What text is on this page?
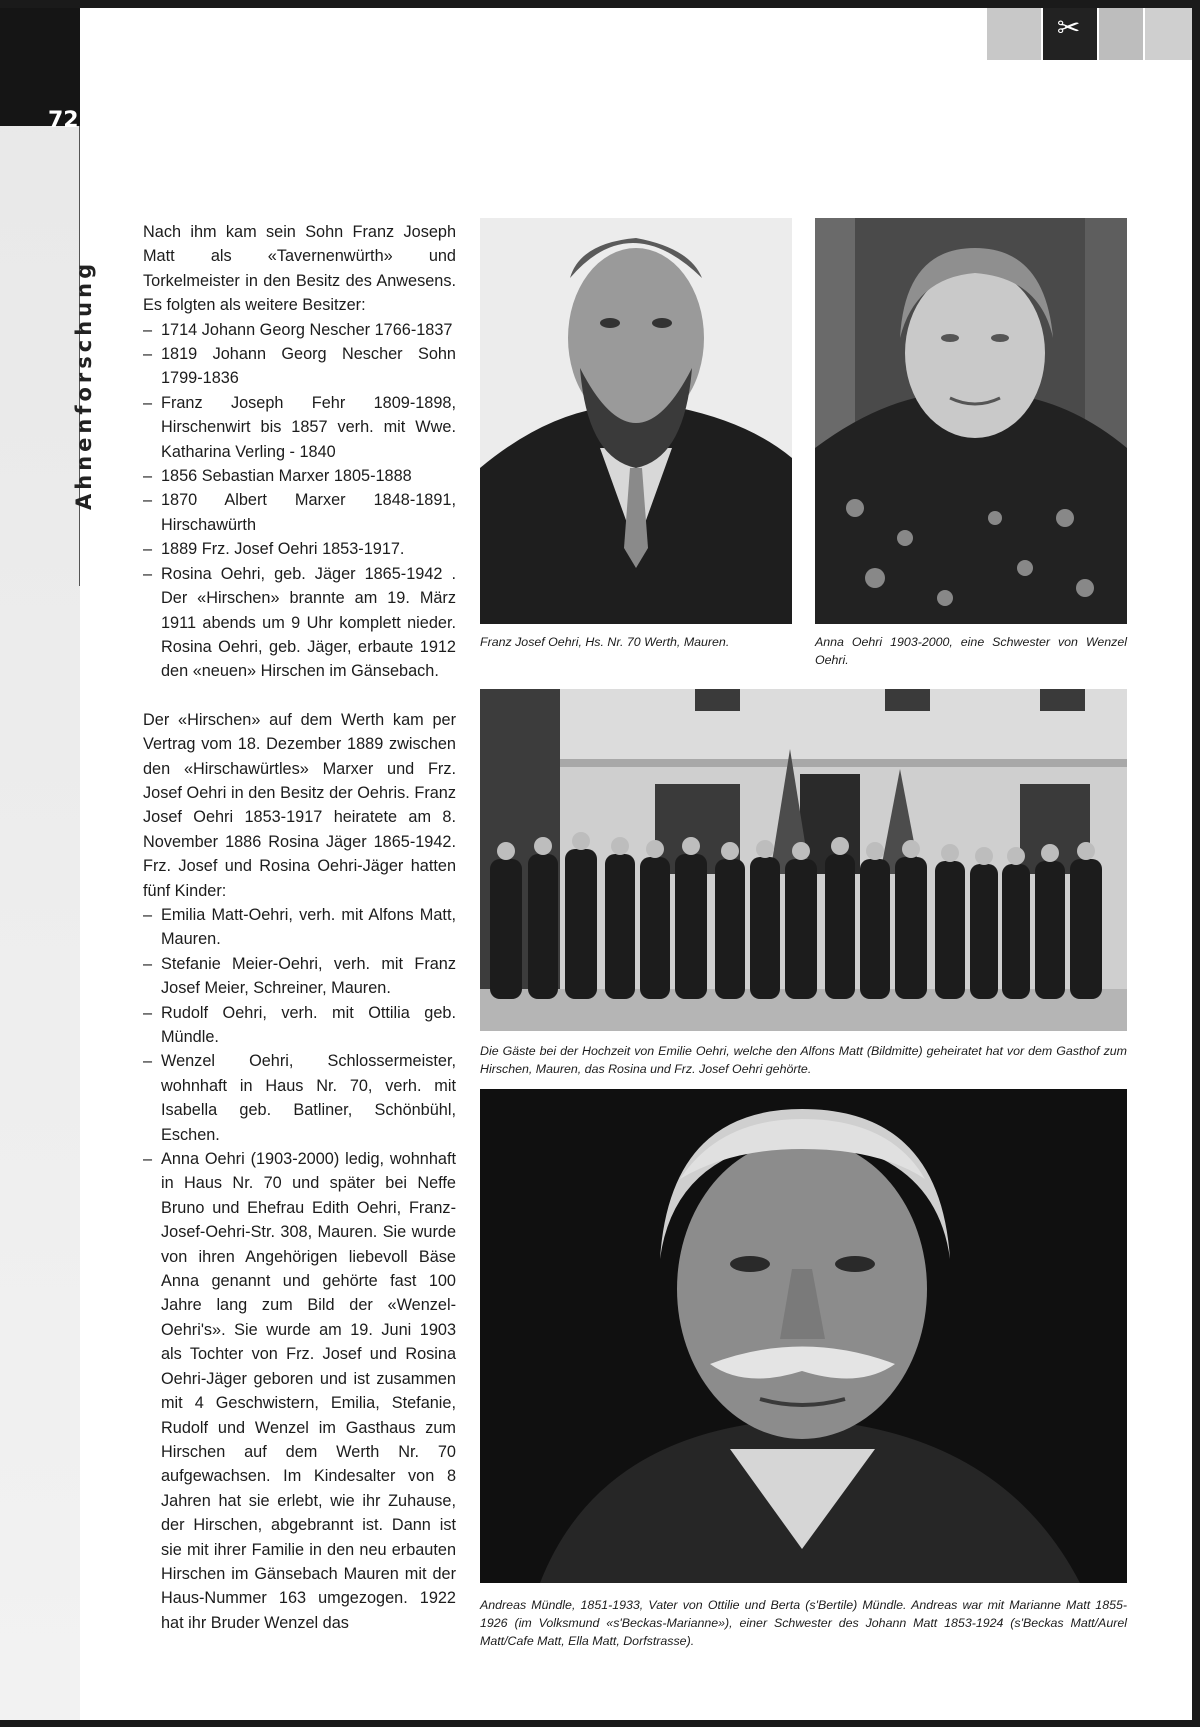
72
Ahnenforschung
✂

Nach ihm kam sein Sohn Franz Joseph Matt als «Tavernenwürth» und Torkelmeister in den Besitz des Anwesens. Es folgten als weitere Besitzer:

– 1714 Johann Georg Nescher 1766-1837
– 1819 Johann Georg Nescher Sohn 1799-1836
– Franz Joseph Fehr 1809-1898, Hirschenwirt bis 1857 verh. mit Wwe. Katharina Verling - 1840
– 1856 Sebastian Marxer 1805-1888
– 1870 Albert Marxer 1848-1891, Hirschawürth
– 1889 Frz. Josef Oehri 1853-1917.
– Rosina Oehri, geb. Jäger 1865-1942 . Der «Hirschen» brannte am 19. März 1911 abends um 9 Uhr komplett nieder. Rosina Oehri, geb. Jäger, erbaute 1912 den «neuen» Hirschen im Gänsebach.

Der «Hirschen» auf dem Werth kam per Vertrag vom 18. Dezember 1889 zwischen den «Hirschawürtles» Marxer und Frz. Josef Oehri in den Besitz der Oehris. Franz Josef Oehri 1853-1917 heiratete am 8. November 1886 Rosina Jäger 1865-1942. Frz. Josef und Rosina Oehri-Jäger hatten fünf Kinder:

– Emilia Matt-Oehri, verh. mit Alfons Matt, Mauren.
– Stefanie Meier-Oehri, verh. mit Franz Josef Meier, Schreiner, Mauren.
– Rudolf Oehri, verh. mit Ottilia geb. Mündle.
– Wenzel Oehri, Schlossermeister, wohnhaft in Haus Nr. 70, verh. mit Isabella geb. Batliner, Schönbühl, Eschen.
– Anna Oehri (1903-2000) ledig, wohnhaft in Haus Nr. 70 und später bei Neffe Bruno und Ehefrau Edith Oehri, Franz-Josef-Oehri-Str. 308, Mauren. Sie wurde von ihren Angehörigen liebevoll Bäse Anna genannt und gehörte fast 100 Jahre lang zum Bild der «Wenzel-Oehri's». Sie wurde am 19. Juni 1903 als Tochter von Frz. Josef und Rosina Oehri-Jäger geboren und ist zusammen mit 4 Geschwistern, Emilia, Stefanie, Rudolf und Wenzel im Gasthaus zum Hirschen auf dem Werth Nr. 70 aufgewachsen. Im Kindesalter von 8 Jahren hat sie erlebt, wie ihr Zuhause, der Hirschen, abgebrannt ist. Dann ist sie mit ihrer Familie in den neu erbauten Hirschen im Gänsebach Mauren mit der Haus-Nummer 163 umgezogen. 1922 hat ihr Bruder Wenzel das
Franz Josef Oehri, Hs. Nr. 70 Werth, Mauren.	Anna Oehri 1903-2000, eine Schwester von Wenzel Oehri.
Die Gäste bei der Hochzeit von Emilie Oehri, welche den Alfons Matt (Bildmitte) geheiratet hat vor dem Gasthof zum Hirschen, Mauren, das Rosina und Frz. Josef Oehri gehörte.
Andreas Mündle, 1851-1933, Vater von Ottilie und Berta (s'Bertile) Mündle. Andreas war mit Marianne Matt 1855-1926 (im Volksmund «s'Beckas-Marianne»), einer Schwester des Johann Matt 1853-1924 (s'Beckas Matt/Aurel Matt/Cafe Matt, Ella Matt, Dorfstrasse).
